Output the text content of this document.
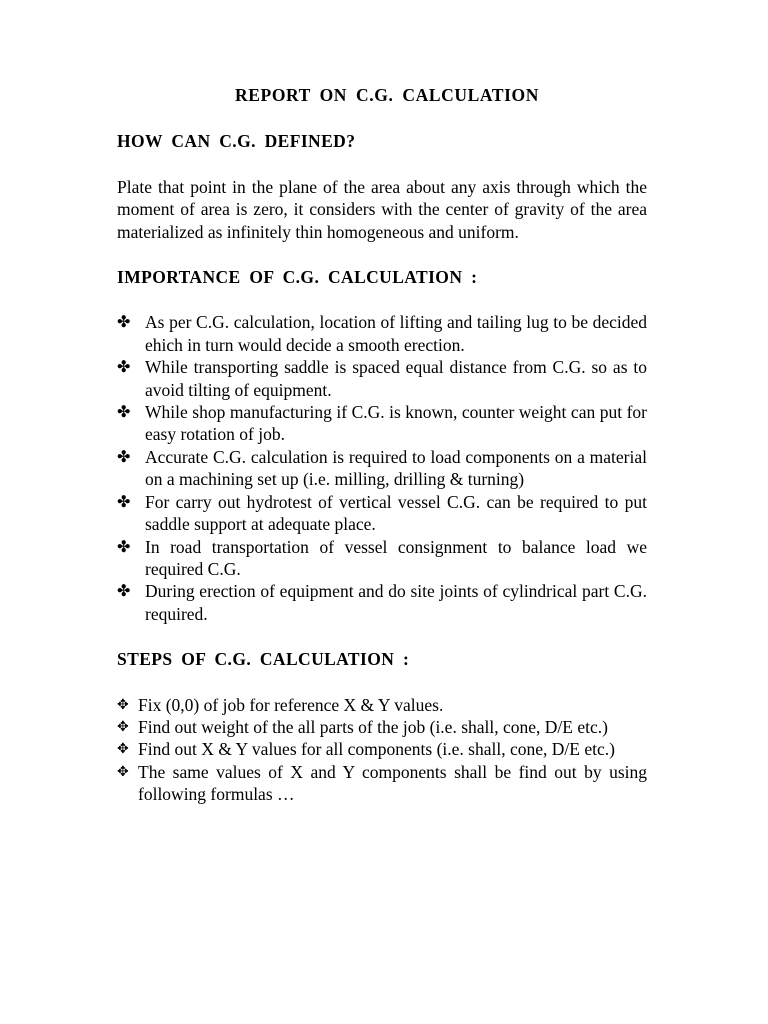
REPORT ON C.G. CALCULATION

HOW CAN C.G. DEFINED?

Plate that point in the plane of the area about any axis through which the moment of area is zero, it considers with the center of gravity of the area materialized as infinitely thin homogeneous and uniform.

IMPORTANCE OF C.G. CALCULATION :

✤ As per C.G. calculation, location of lifting and tailing lug to be decided ehich in turn would decide a smooth erection.
✤ While transporting saddle is spaced equal distance from C.G. so as to avoid tilting of equipment.
✤ While shop manufacturing if C.G. is known, counter weight can put for easy rotation of job.
✤ Accurate C.G. calculation is required to load components on a material on a machining set up (i.e. milling, drilling & turning)
✤ For carry out hydrotest of vertical vessel C.G. can be required to put saddle support at adequate place.
✤ In road transportation of vessel consignment to balance load we required C.G.
✤ During erection of equipment and do site joints of cylindrical part C.G. required.

STEPS OF C.G. CALCULATION :

✥ Fix (0,0) of job for reference X & Y values.
✥ Find out weight of the all parts of the job (i.e. shall, cone, D/E etc.)
✥ Find out X & Y values for all components (i.e. shall, cone, D/E etc.)
✥ The same values of X and Y components shall be find out by using following formulas …
